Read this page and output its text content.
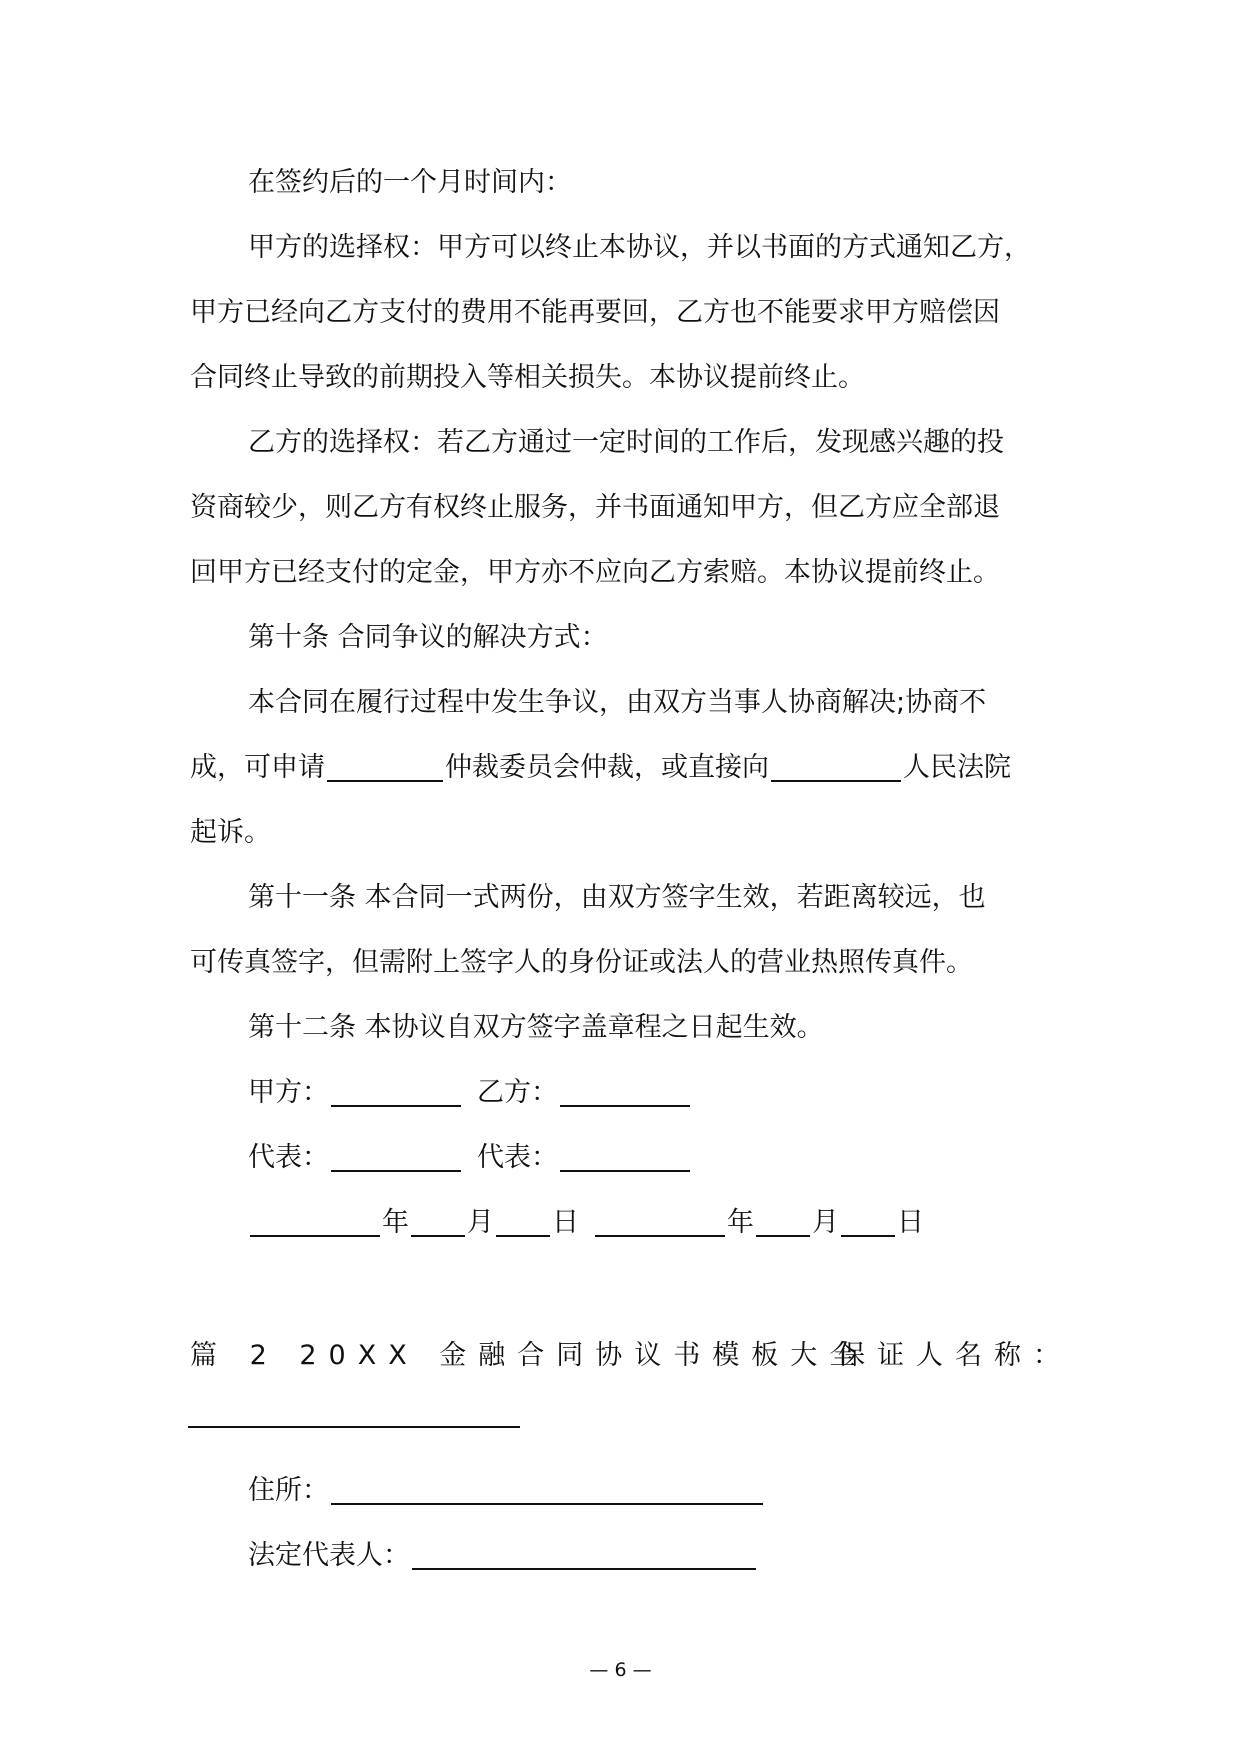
在签约后的一个月时间内：
甲方的选择权：甲方可以终止本协议，并以书面的方式通知乙方，
甲方已经向乙方支付的费用不能再要回，乙方也不能要求甲方赔偿因
合同终止导致的前期投入等相关损失。本协议提前终止。
乙方的选择权：若乙方通过一定时间的工作后，发现感兴趣的投
资商较少，则乙方有权终止服务，并书面通知甲方，但乙方应全部退
回甲方已经支付的定金，甲方亦不应向乙方索赔。本协议提前终止。
第十条 合同争议的解决方式：
本合同在履行过程中发生争议，由双方当事人协商解决;协商不
成，可申请	仲裁委员会仲裁，或直接向	人民法院
起诉。
第十一条 本合同一式两份，由双方签字生效，若距离较远，也
可传真签字，但需附上签字人的身份证或法人的营业热照传真件。
第十二条 本协议自双方签字盖章程之日起生效。
甲方：	乙方：
代表：	代表：
年 月 日	年 月 日
篇 2 20XX 金融合同协议书模板大全
保证人名称：
住所：
法定代表人：
— 6 —
